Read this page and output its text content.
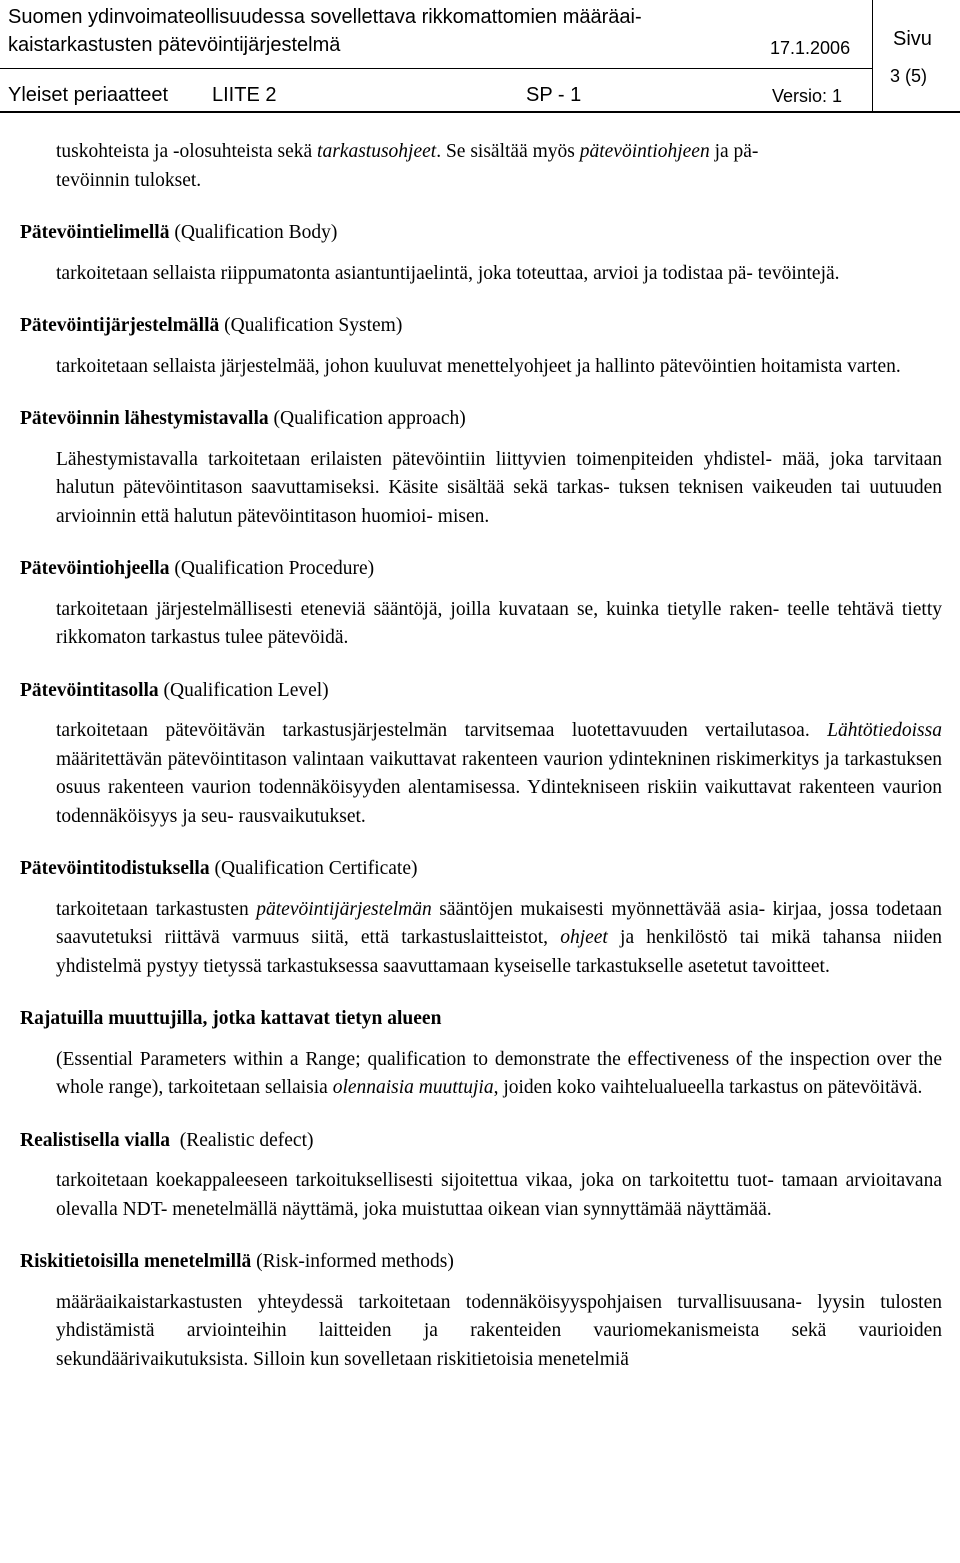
Suomen ydinvoimateollisuudessa sovellettava rikkomattomien määräai-
kaistarkastusten pätevöintijärjestelmä	17.1.2006 Sivu
3 (5)
Yleiset periaatteet LIITE 2	SP - 1	Versio: 1

tuskohteista ja -olosuhteista sekä tarkastusohjeet. Se sisältää myös pätevöintiohjeen ja pä-
tevöinnin tulokset.

Pätevöintielimellä (Qualification Body)

tarkoitetaan sellaista riippumatonta asiantuntijaelintä, joka toteuttaa, arvioi ja todistaa pä- tevöintejä.

Pätevöintijärjestelmällä (Qualification System)

tarkoitetaan sellaista järjestelmää, johon kuuluvat menettelyohjeet ja hallinto pätevöintien hoitamista varten.

Pätevöinnin lähestymistavalla (Qualification approach)

Lähestymistavalla tarkoitetaan erilaisten pätevöintiin liittyvien toimenpiteiden yhdistel- mää, joka tarvitaan halutun pätevöintitason saavuttamiseksi. Käsite sisältää sekä tarkas- tuksen teknisen vaikeuden tai uutuuden arvioinnin että halutun pätevöintitason huomioi- misen.

Pätevöintiohjeella (Qualification Procedure)

tarkoitetaan järjestelmällisesti eteneviä sääntöjä, joilla kuvataan se, kuinka tietylle raken- teelle tehtävä tietty rikkomaton tarkastus tulee pätevöidä.

Pätevöintitasolla (Qualification Level)

tarkoitetaan pätevöitävän tarkastusjärjestelmän tarvitsemaa luotettavuuden vertailutasoa. Lähtötiedoissa määritettävän pätevöintitason valintaan vaikuttavat rakenteen vaurion ydintekninen riskimerkitys ja tarkastuksen osuus rakenteen vaurion todennäköisyyden alentamisessa. Ydintekniseen riskiin vaikuttavat rakenteen vaurion todennäköisyys ja seu- rausvaikutukset.

Pätevöintitodistuksella (Qualification Certificate)

tarkoitetaan tarkastusten pätevöintijärjestelmän sääntöjen mukaisesti myönnettävää asia- kirjaa, jossa todetaan saavutetuksi riittävä varmuus siitä, että tarkastuslaitteistot, ohjeet ja henkilöstö tai mikä tahansa niiden yhdistelmä pystyy tietyssä tarkastuksessa saavuttamaan kyseiselle tarkastukselle asetetut tavoitteet.

Rajatuilla muuttujilla, jotka kattavat tietyn alueen

(Essential Parameters within a Range; qualification to demonstrate the effectiveness of the inspection over the whole range), tarkoitetaan sellaisia olennaisia muuttujia, joiden koko vaihtelualueella tarkastus on pätevöitävä.

Realistisella vialla  (Realistic defect)

tarkoitetaan koekappaleeseen tarkoituksellisesti sijoitettua vikaa, joka on tarkoitettu tuot- tamaan arvioitavana olevalla NDT- menetelmällä näyttämä, joka muistuttaa oikean vian synnyttämää näyttämää.

Riskitietoisilla menetelmillä (Risk-informed methods)

määräaikaistarkastusten yhteydessä tarkoitetaan todennäköisyyspohjaisen turvallisuusana- lyysin tulosten yhdistämistä arviointeihin laitteiden ja rakenteiden vauriomekanismeista sekä vaurioiden sekundäärivaikutuksista. Silloin kun sovelletaan riskitietoisia menetelmiä
